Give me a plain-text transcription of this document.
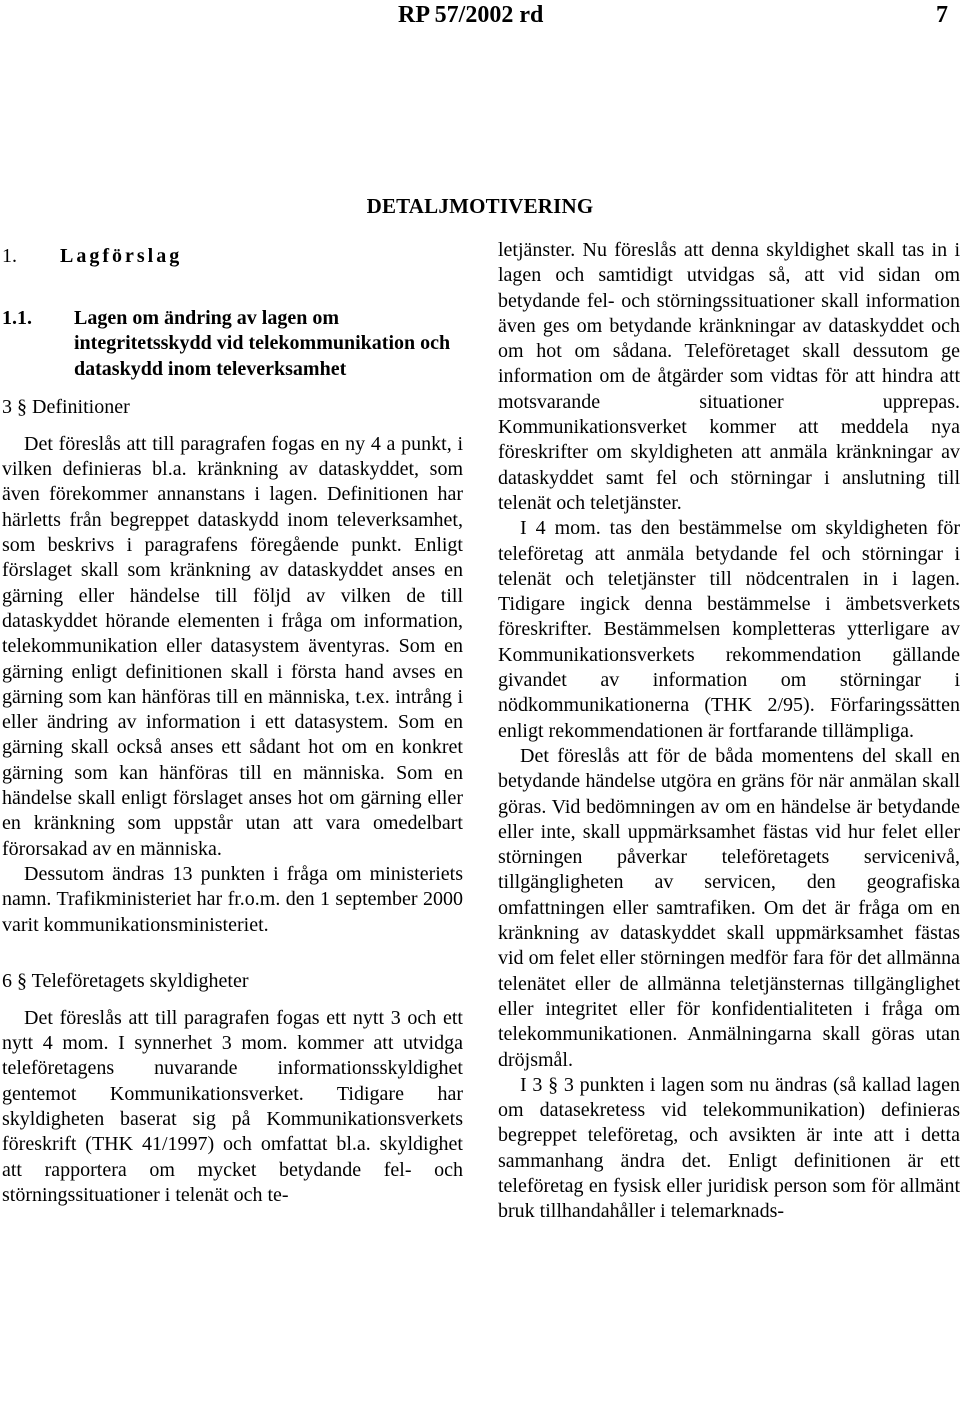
RP 57/2002 rd	7
DETALJMOTIVERING
1.	Lagförslag
1.1.	Lagen om ändring av lagen om integritetsskydd vid telekommunikation och dataskydd inom televerksamhet
3 § Definitioner

Det föreslås att till paragrafen fogas en ny 4 a punkt, i vilken definieras bl.a. kränkning av dataskyddet, som även förekommer annanstans i lagen. Definitionen har härletts från begreppet dataskydd inom televerksamhet, som beskrivs i paragrafens föregående punkt. Enligt förslaget skall som kränkning av dataskyddet anses en gärning eller händelse till följd av vilken de till dataskyddet hörande elementen i fråga om information, telekommunikation eller datasystem äventyras. Som en gärning enligt definitionen skall i första hand avses en gärning som kan hänföras till en människa, t.ex. intrång i eller ändring av information i ett datasystem. Som en gärning skall också anses ett sådant hot om en konkret gärning som kan hänföras till en människa. Som en händelse skall enligt förslaget anses hot om gärning eller en kränkning som uppstår utan att vara omedelbart förorsakad av en människa.

Dessutom ändras 13 punkten i fråga om ministeriets namn. Trafikministeriet har fr.o.m. den 1 september 2000 varit kommunikationsministeriet.

6 § Teleföretagets skyldigheter

Det föreslås att till paragrafen fogas ett nytt 3 och ett nytt 4 mom. I synnerhet 3 mom. kommer att utvidga teleföretagens nuvarande informationsskyldighet gentemot Kommunikationsverket. Tidigare har skyldigheten baserat sig på Kommunikationsverkets föreskrift (THK 41/1997) och omfattat bl.a. skyldighet att rapportera om mycket betydande fel- och störningssituationer i telenät och te-

letjänster. Nu föreslås att denna skyldighet skall tas in i lagen och samtidigt utvidgas så, att vid sidan om betydande fel- och störningssituationer skall information även ges om betydande kränkningar av dataskyddet och om hot om sådana. Teleföretaget skall dessutom ge information om de åtgärder som vidtas för att hindra att motsvarande situationer upprepas. Kommunikationsverket kommer att meddela nya föreskrifter om skyldigheten att anmäla kränkningar av dataskyddet samt fel och störningar i anslutning till telenät och teletjänster.

I 4 mom. tas den bestämmelse om skyldigheten för teleföretag att anmäla betydande fel och störningar i telenät och teletjänster till nödcentralen in i lagen. Tidigare ingick denna bestämmelse i ämbetsverkets föreskrifter. Bestämmelsen kompletteras ytterligare av Kommunikationsverkets rekommendation gällande givandet av information om störningar i nödkommunikationerna (THK 2/95). Förfaringssätten enligt rekommendationen är fortfarande tillämpliga.

Det föreslås att för de båda momentens del skall en betydande händelse utgöra en gräns för när anmälan skall göras. Vid bedömningen av om en händelse är betydande eller inte, skall uppmärksamhet fästas vid hur felet eller störningen påverkar teleföretagets servicenivå, tillgängligheten av servicen, den geografiska omfattningen eller samtrafiken. Om det är fråga om en kränkning av dataskyddet skall uppmärksamhet fästas vid om felet eller störningen medför fara för det allmänna telenätet eller de allmänna teletjänsternas tillgänglighet eller integritet eller för konfidentialiteten i fråga om telekommunikationen. Anmälningarna skall göras utan dröjsmål.

I 3 § 3 punkten i lagen som nu ändras (så kallad lagen om datasekretess vid telekommunikation) definieras begreppet teleföretag, och avsikten är inte att i detta sammanhang ändra det. Enligt definitionen är ett teleföretag en fysisk eller juridisk person som för allmänt bruk tillhandahåller i telemarknads-
